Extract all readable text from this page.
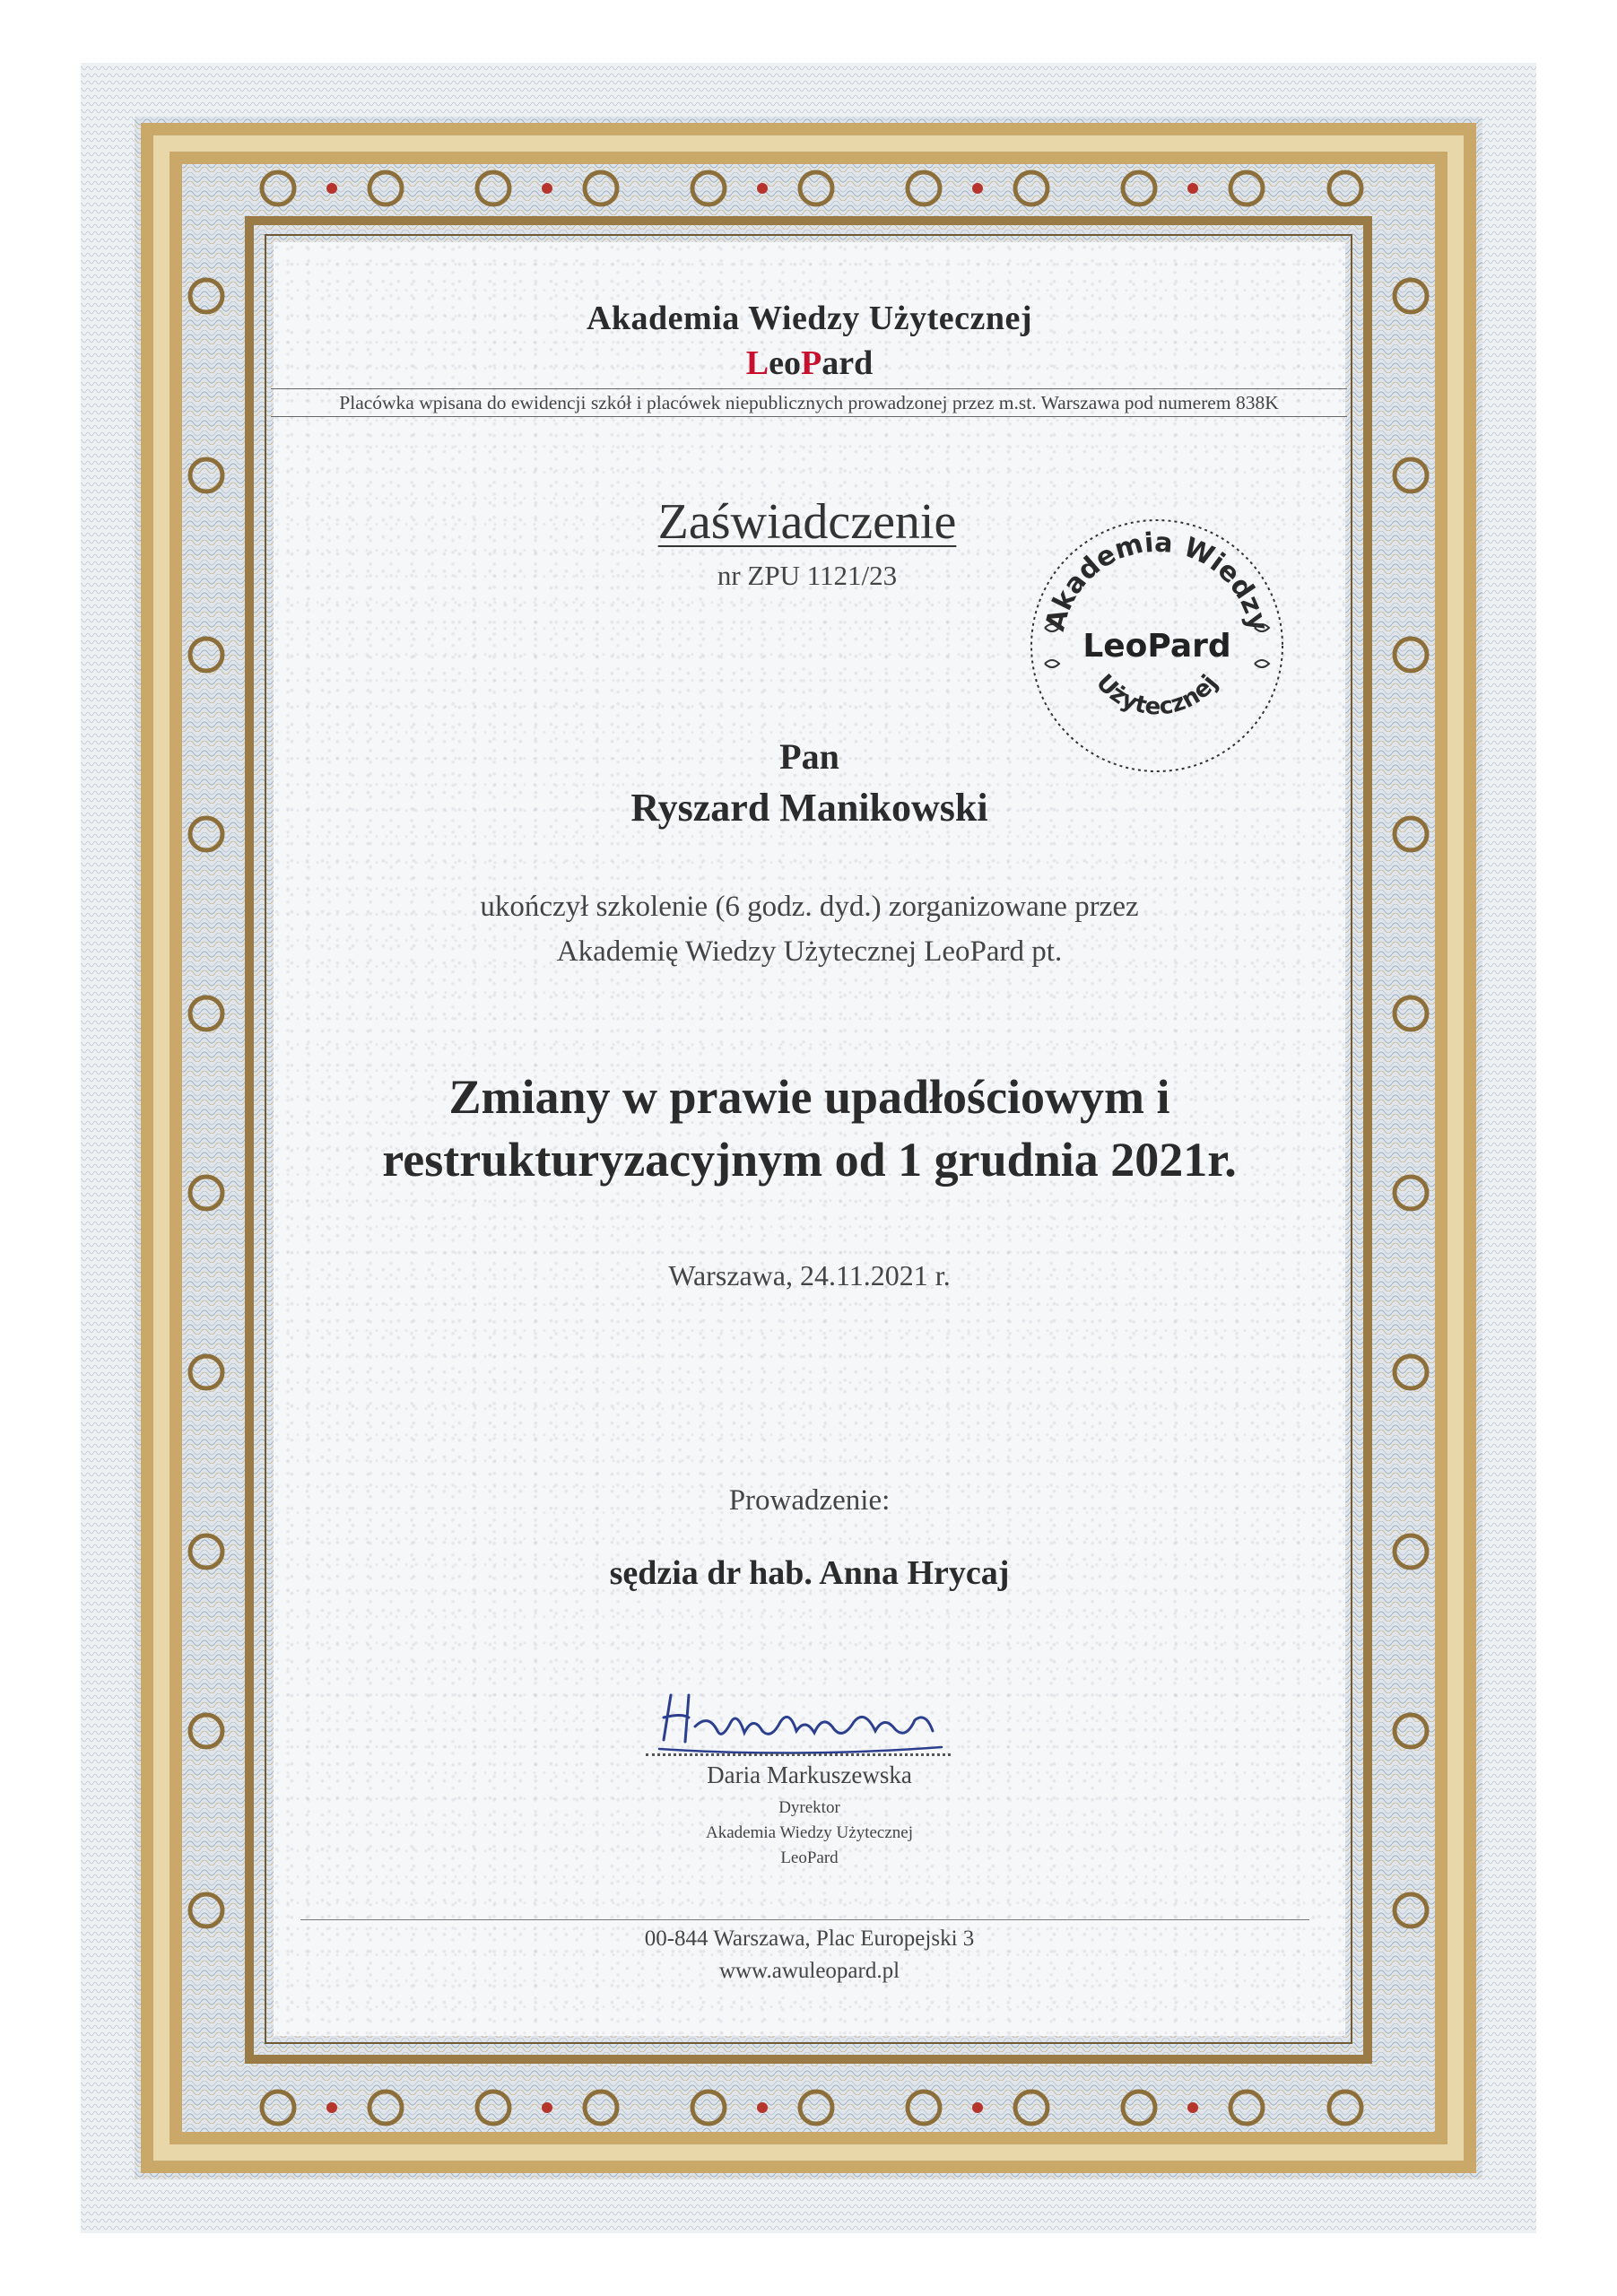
Akademia Wiedzy Użytecznej
LeoPard
Placówka wpisana do ewidencji szkół i placówek niepublicznych prowadzonej przez m.st. Warszawa pod numerem 838K
Zaświadczenie
nr ZPU 1121/23
Akademia Wiedzy
Użytecznej
LeoPard
Pan
Ryszard Manikowski
ukończył szkolenie (6 godz. dyd.) zorganizowane przez
Akademię Wiedzy Użytecznej LeoPard pt.
Zmiany w prawie upadłościowym i
restrukturyzacyjnym od 1 grudnia 2021r.
Warszawa, 24.11.2021 r.
Prowadzenie:
sędzia dr hab. Anna Hrycaj
Daria Markuszewska
Dyrektor
Akademia Wiedzy Użytecznej
LeoPard
00-844 Warszawa, Plac Europejski 3
www.awuleopard.pl
